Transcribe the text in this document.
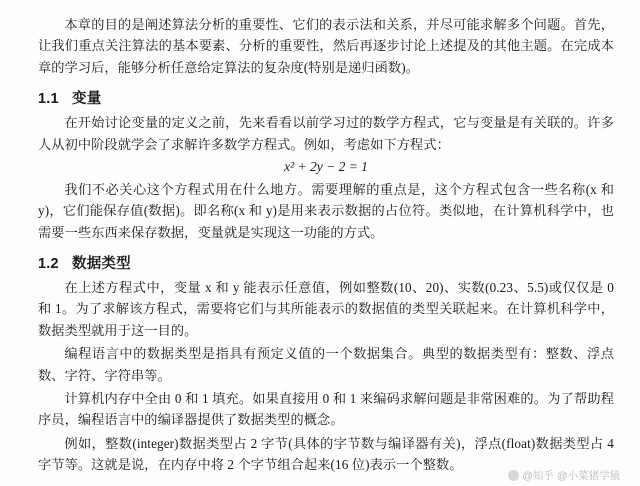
本章的目的是阐述算法分析的重要性、它们的表示法和关系，并尽可能求解多个问题。首先，让我们重点关注算法的基本要素、分析的重要性，然后再逐步讨论上述提及的其他主题。在完成本章的学习后，能够分析任意给定算法的复杂度(特别是递归函数)。

1.1 变量

在开始讨论变量的定义之前，先来看看以前学习过的数学方程式，它与变量是有关联的。许多人从初中阶段就学会了求解许多数学方程式。例如，考虑如下方程式：

x² + 2y − 2 = 1

我们不必关心这个方程式用在什么地方。需要理解的重点是，这个方程式包含一些名称(x 和 y)，它们能保存值(数据)。即名称(x 和 y)是用来表示数据的占位符。类似地，在计算机科学中，也需要一些东西来保存数据，变量就是实现这一功能的方式。

1.2 数据类型

在上述方程式中，变量 x 和 y 能表示任意值，例如整数(10、20)、实数(0.23、5.5)或仅仅是 0 和 1。为了求解该方程式，需要将它们与其所能表示的数据值的类型关联起来。在计算机科学中，数据类型就用于这一目的。

编程语言中的数据类型是指具有预定义值的一个数据集合。典型的数据类型有：整数、浮点数、字符、字符串等。

计算机内存中全由 0 和 1 填充。如果直接用 0 和 1 来编码求解问题是非常困难的。为了帮助程序员，编程语言中的编译器提供了数据类型的概念。

例如，整数(integer)数据类型占 2 字节(具体的字节数与编译器有关)，浮点(float)数据类型占 4 字节等。这就是说，在内存中将 2 个字节组合起来(16 位)表示一个整数。

@知乎 @小菜猪学猿
